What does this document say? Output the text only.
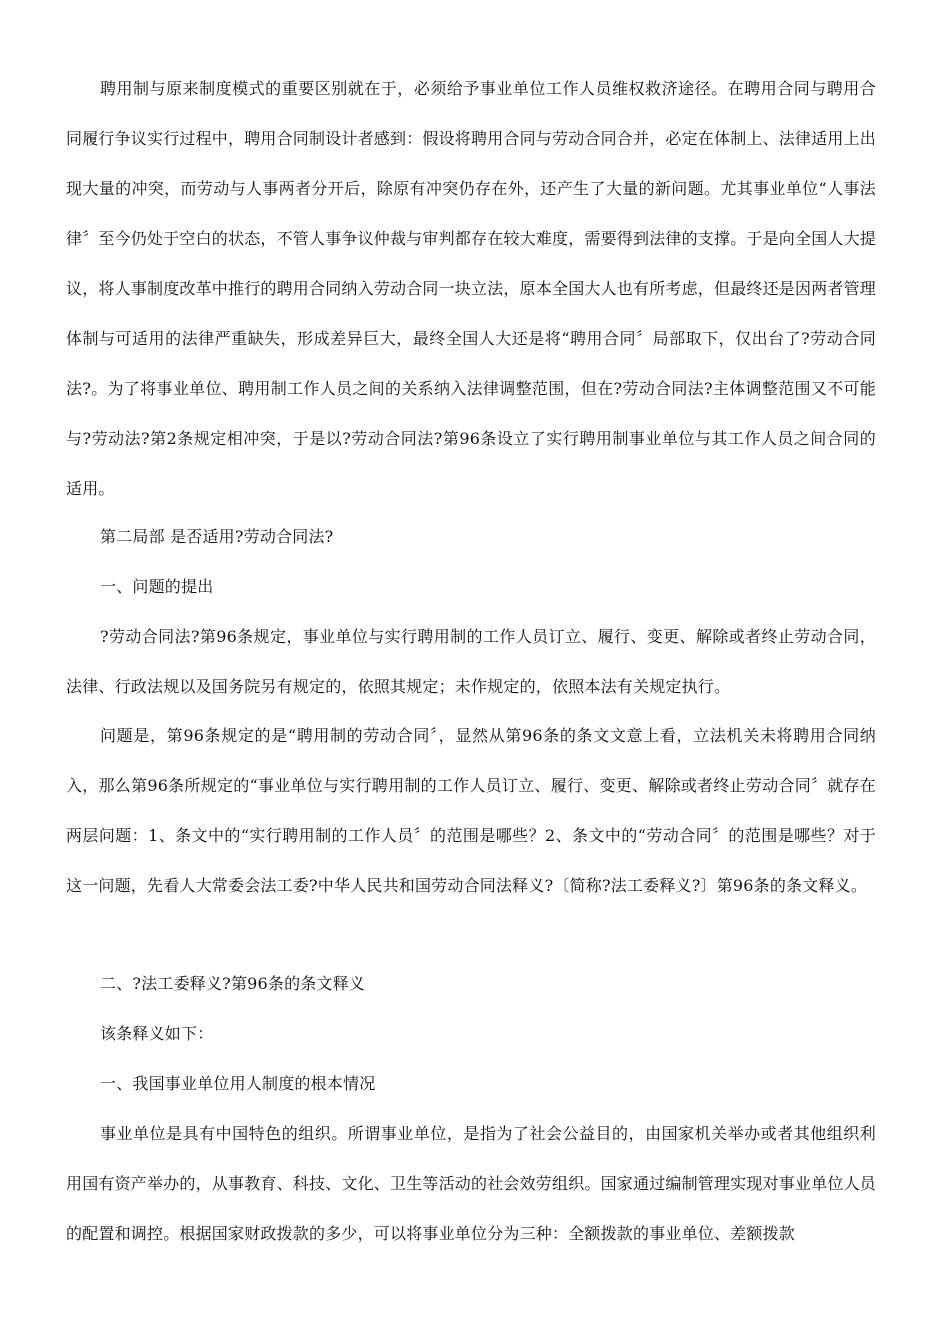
聘用制与原来制度模式的重要区别就在于，必须给予事业单位工作人员维权救济途径。在聘用合同与聘用合同履行争议实行过程中，聘用合同制设计者感到：假设将聘用合同与劳动合同合并，必定在体制上、法律适用上出现大量的冲突，而劳动与人事两者分开后，除原有冲突仍存在外，还产生了大量的新问题。尤其事业单位“人事法律〞至今仍处于空白的状态，不管人事争议仲裁与审判都存在较大难度，需要得到法律的支撑。于是向全国人大提议，将人事制度改革中推行的聘用合同纳入劳动合同一块立法，原本全国大人也有所考虑，但最终还是因两者管理体制与可适用的法律严重缺失，形成差异巨大，最终全国人大还是将“聘用合同〞局部取下，仅出台了?劳动合同法?。为了将事业单位、聘用制工作人员之间的关系纳入法律调整范围，但在?劳动合同法?主体调整范围又不可能与?劳动法?第2条规定相冲突，于是以?劳动合同法?第96条设立了实行聘用制事业单位与其工作人员之间合同的适用。

第二局部 是否适用?劳动合同法?

一、问题的提出

?劳动合同法?第96条规定，事业单位与实行聘用制的工作人员订立、履行、变更、解除或者终止劳动合同，法律、行政法规以及国务院另有规定的，依照其规定；未作规定的，依照本法有关规定执行。

问题是，第96条规定的是“聘用制的劳动合同〞，显然从第96条的条文文意上看，立法机关未将聘用合同纳入，那么第96条所规定的“事业单位与实行聘用制的工作人员订立、履行、变更、解除或者终止劳动合同〞就存在两层问题：1、条文中的“实行聘用制的工作人员〞的范围是哪些？2、条文中的“劳动合同〞的范围是哪些？对于这一问题，先看人大常委会法工委?中华人民共和国劳动合同法释义?〔简称?法工委释义?〕第96条的条文释义。

二、?法工委释义?第96条的条文释义

该条释义如下：

一、我国事业单位用人制度的根本情况

事业单位是具有中国特色的组织。所谓事业单位，是指为了社会公益目的，由国家机关举办或者其他组织利用国有资产举办的，从事教育、科技、文化、卫生等活动的社会效劳组织。国家通过编制管理实现对事业单位人员的配置和调控。根据国家财政拨款的多少，可以将事业单位分为三种：全额拨款的事业单位、差额拨款
